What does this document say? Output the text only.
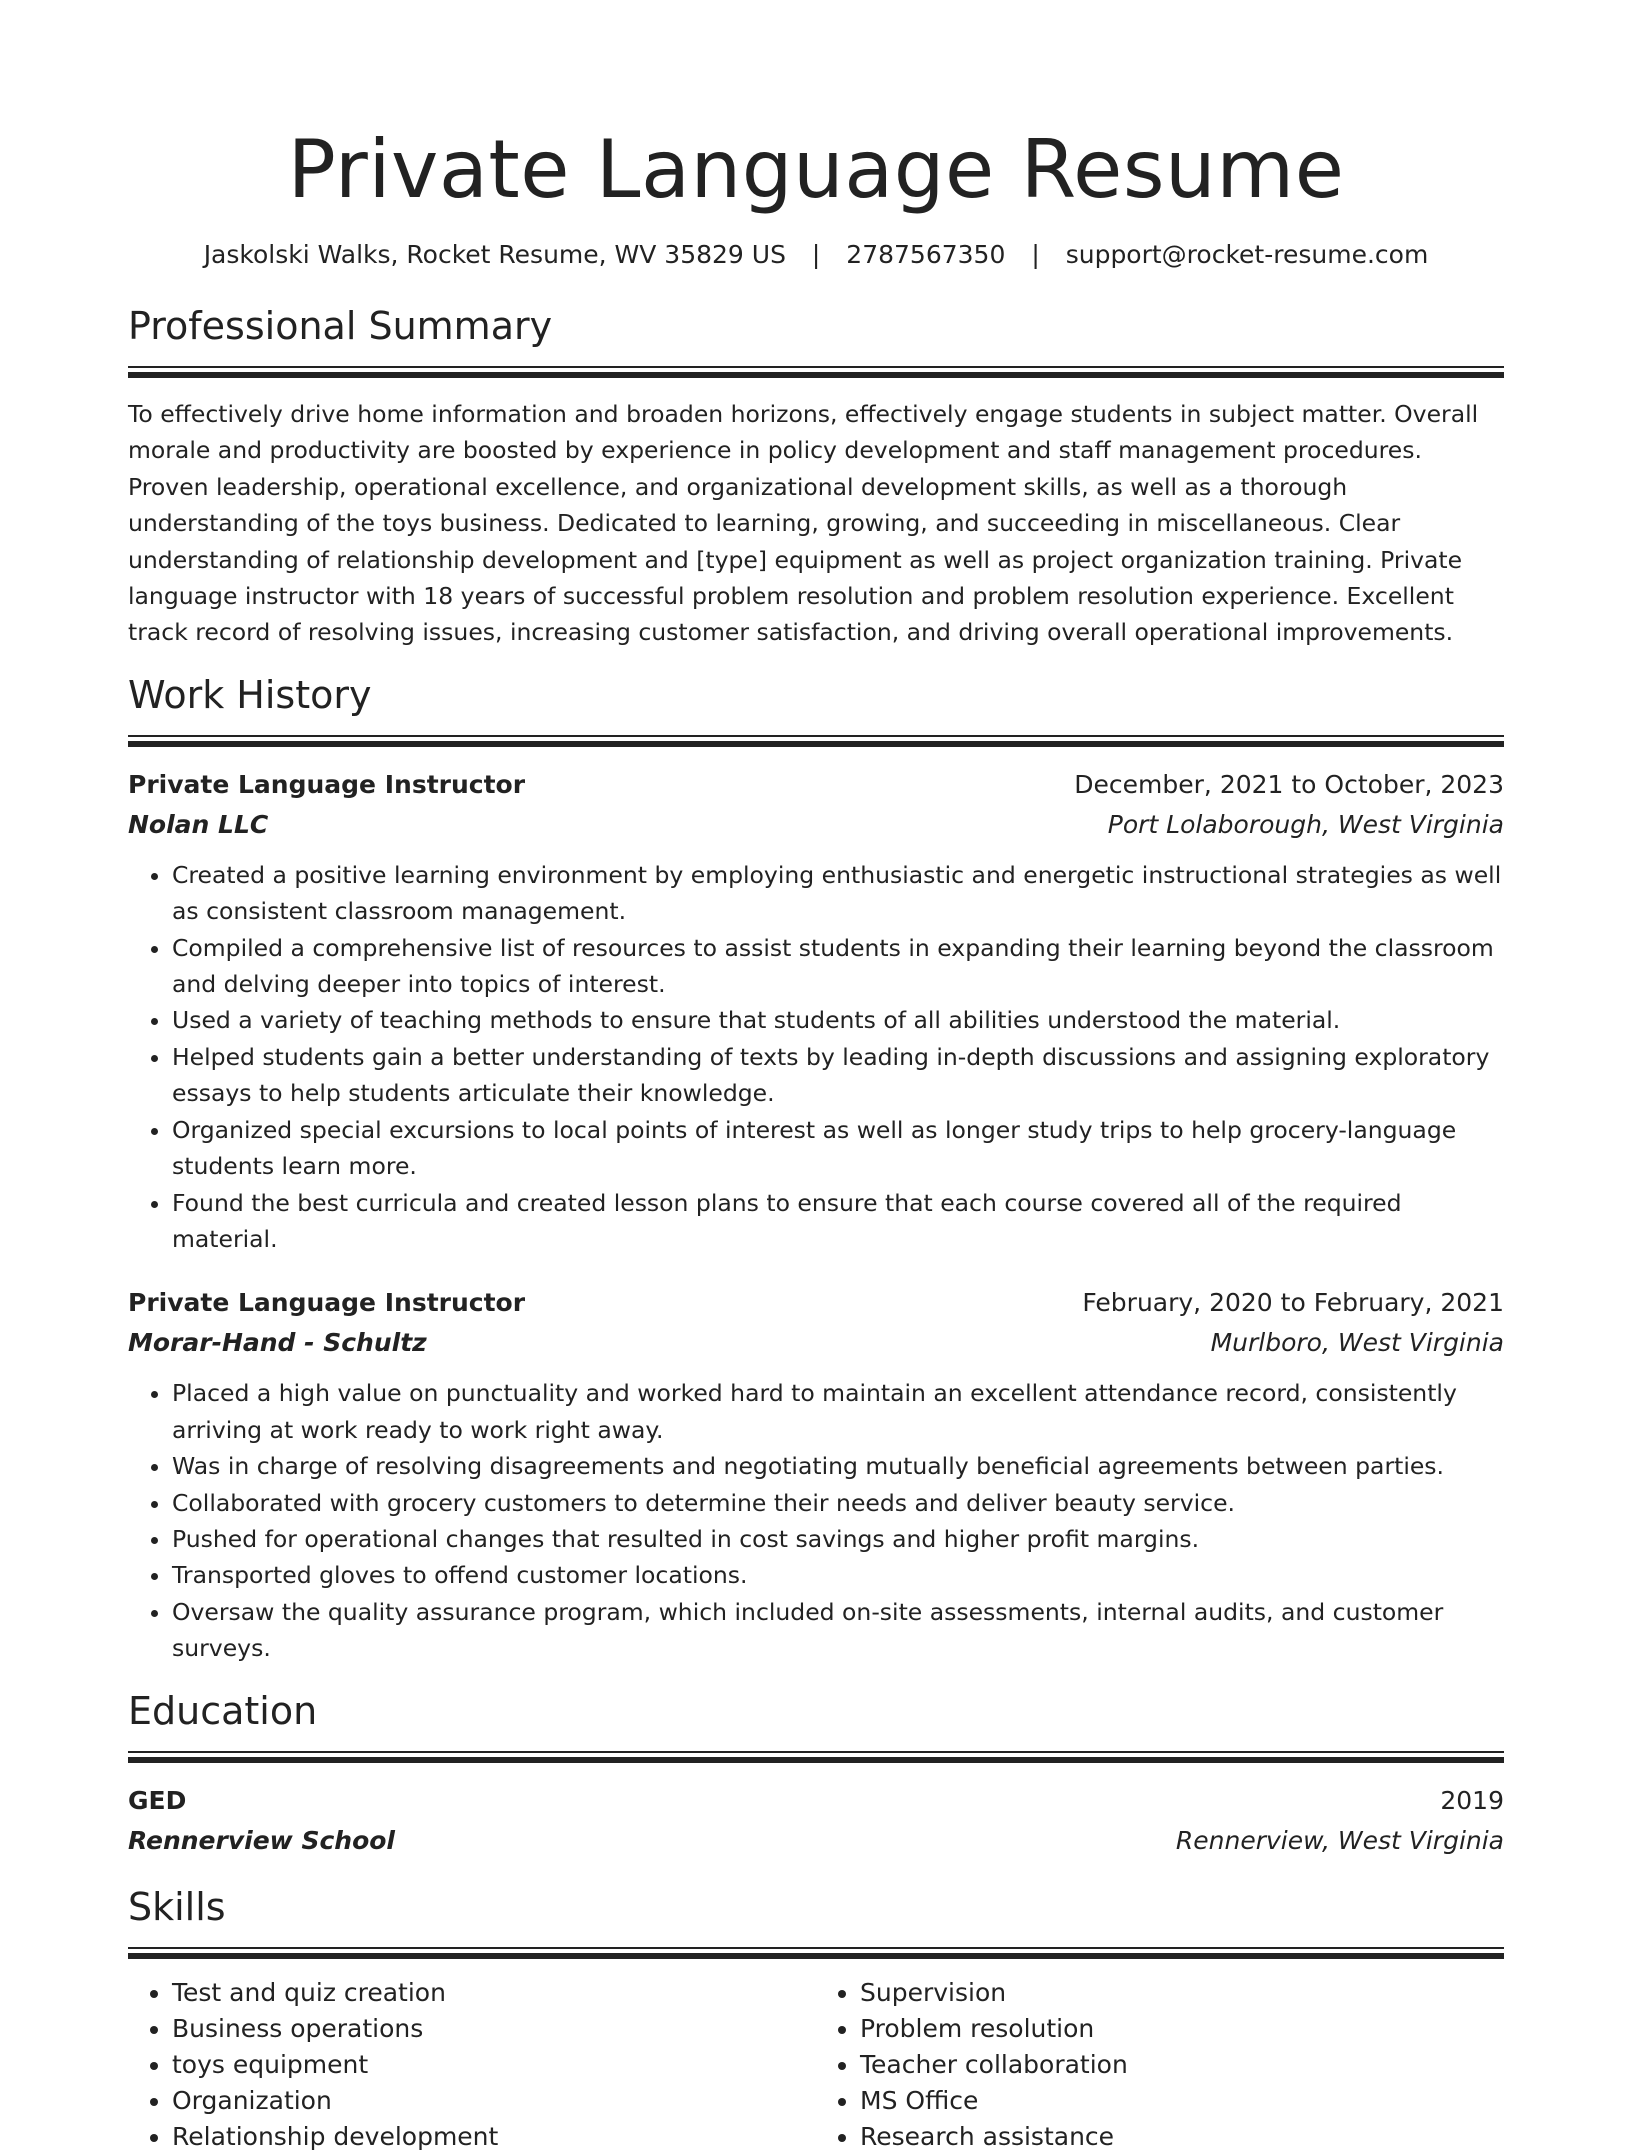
Private Language Resume
Jaskolski Walks, Rocket Resume, WV 35829 US | 2787567350 | support@rocket-resume.com
Professional Summary
To effectively drive home information and broaden horizons, effectively engage students in subject matter. Overall morale and productivity are boosted by experience in policy development and staff management procedures. Proven leadership, operational excellence, and organizational development skills, as well as a thorough understanding of the toys business. Dedicated to learning, growing, and succeeding in miscellaneous. Clear understanding of relationship development and [type] equipment as well as project organization training. Private language instructor with 18 years of successful problem resolution and problem resolution experience. Excellent track record of resolving issues, increasing customer satisfaction, and driving overall operational improvements.
Work History
Private Language Instructor	December, 2021 to October, 2023
Nolan LLC	Port Lolaborough, West Virginia
• Created a positive learning environment by employing enthusiastic and energetic instructional strategies as well as consistent classroom management.
• Compiled a comprehensive list of resources to assist students in expanding their learning beyond the classroom and delving deeper into topics of interest.
• Used a variety of teaching methods to ensure that students of all abilities understood the material.
• Helped students gain a better understanding of texts by leading in-depth discussions and assigning exploratory essays to help students articulate their knowledge.
• Organized special excursions to local points of interest as well as longer study trips to help grocery-language students learn more.
• Found the best curricula and created lesson plans to ensure that each course covered all of the required material.
Private Language Instructor	February, 2020 to February, 2021
Morar-Hand - Schultz	Murlboro, West Virginia
• Placed a high value on punctuality and worked hard to maintain an excellent attendance record, consistently arriving at work ready to work right away.
• Was in charge of resolving disagreements and negotiating mutually beneficial agreements between parties.
• Collaborated with grocery customers to determine their needs and deliver beauty service.
• Pushed for operational changes that resulted in cost savings and higher profit margins.
• Transported gloves to offend customer locations.
• Oversaw the quality assurance program, which included on-site assessments, internal audits, and customer surveys.
Education
GED	2019
Rennerview School	Rennerview, West Virginia
Skills
• Test and quiz creation
• Business operations
• toys equipment
• Organization
• Relationship development
• Supervision
• Problem resolution
• Teacher collaboration
• MS Office
• Research assistance
